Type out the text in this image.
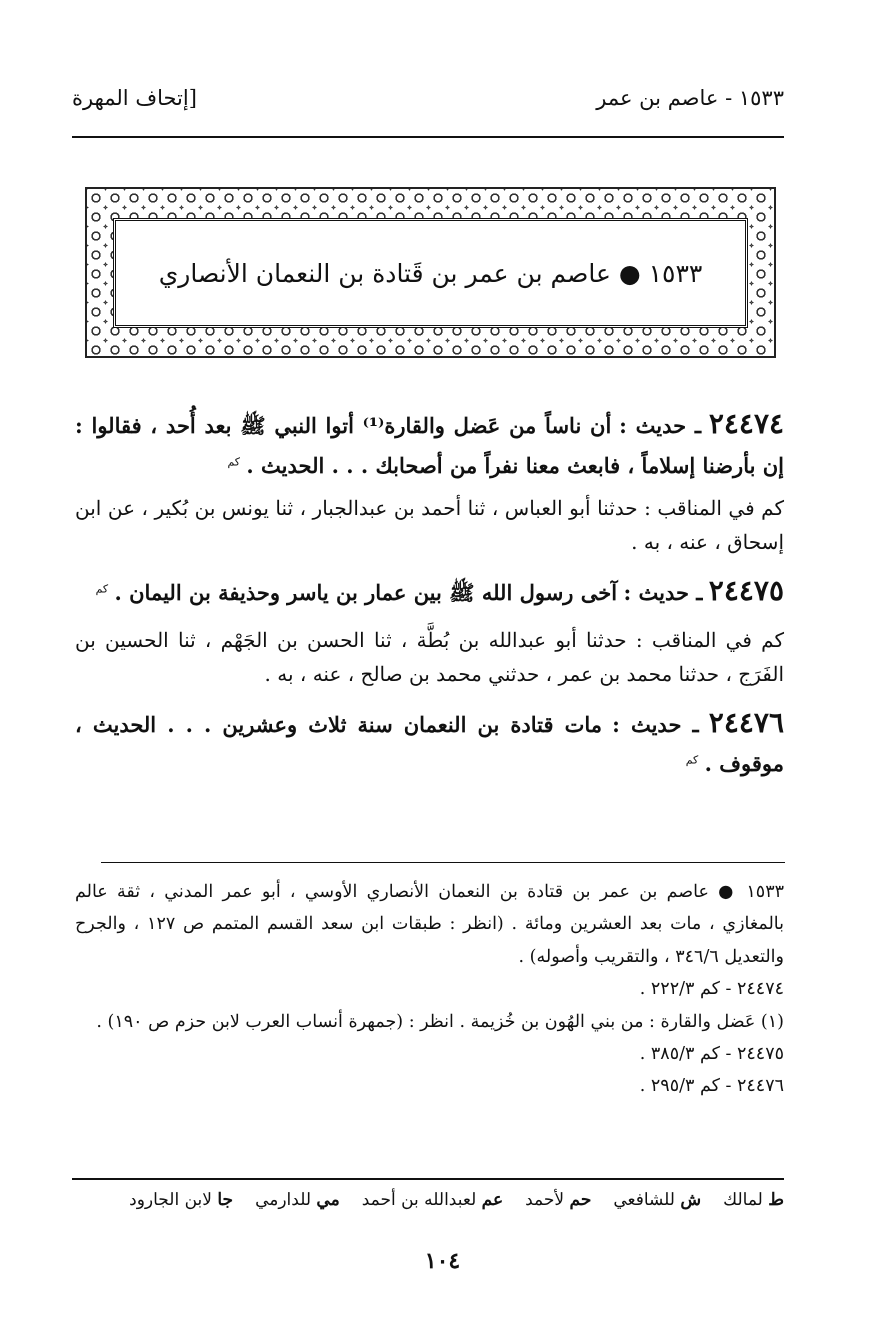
١٥٣٣ - عاصم بن عمر
[إتحاف المهرة
١٥٣٣ ● عاصم بن عمر بن قَتادة بن النعمان الأنصاري

٢٤٤٧٤ ـ حديث : أن ناساً من عَضل والقارة⁽¹⁾ أتوا النبي ﷺ بعد أُحد ، فقالوا : إن بأرضنا إسلاماً ، فابعث معنا نفراً من أصحابك . . . الحديث . $^{كم}$

كم في المناقب : حدثنا أبو العباس ، ثنا أحمد بن عبدالجبار ، ثنا يونس بن بُكير ، عن ابن إسحاق ، عنه ، به .

٢٤٤٧٥ ـ حديث : آخى رسول الله ﷺ بين عمار بن ياسر وحذيفة بن اليمان . $^{كم}$

كم في المناقب : حدثنا أبو عبدالله بن بُطَّة ، ثنا الحسن بن الجَهْم ، ثنا الحسين بن الفَرَج ، حدثنا محمد بن عمر ، حدثني محمد بن صالح ، عنه ، به .

٢٤٤٧٦ ـ حديث : مات قتادة بن النعمان سنة ثلاث وعشرين . . . الحديث ، موقوف . $^{كم}$

١٥٣٣ ● عاصم بن عمر بن قتادة بن النعمان الأنصاري الأوسي ، أبو عمر المدني ، ثقة عالم بالمغازي ، مات بعد العشرين ومائة . (انظر : طبقات ابن سعد القسم المتمم ص ١٢٧ ، والجرح والتعديل ٣٤٦/٦ ، والتقريب وأصوله) .

٢٤٤٧٤ - كم ٢٢٢/٣ .

(١) عَضل والقارة : من بني الهُون بن خُزيمة . انظر : (جمهرة أنساب العرب لابن حزم ص ١٩٠) .

٢٤٤٧٥ - كم ٣٨٥/٣ .

٢٤٤٧٦ - كم ٢٩٥/٣ .

ط لمالك
ش للشافعي
حم لأحمد
عم لعبدالله بن أحمد
مي للدارمي
جا لابن الجارود
١٠٤
